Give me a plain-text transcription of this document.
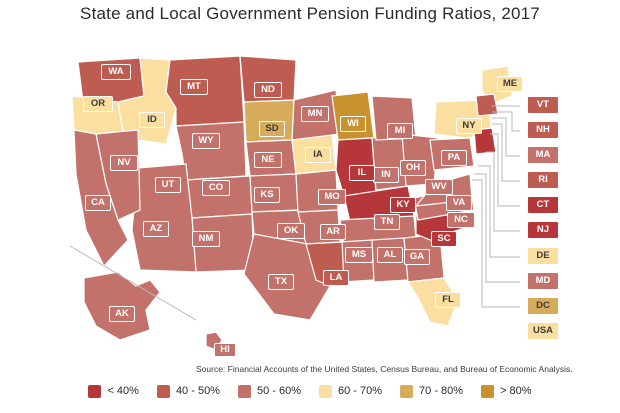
State and Local Government Pension Funding Ratios, 2017
WA
OR
ID
MT	ND
MN
WI
MI
ME
VT
NH
MA
RI
CT
NJ
DE
MD
DC
USA
NY
PA
OH
IN
IL
WV
VA
KY
NC
SC
GA
TN
AL
MS
LA
FL
AR
MO
IA
SD
NE
KS
OK
TX
NM
AZ
CO
UT
WY
NV
CA
AK
HI
Source: Financial Accounts of the United States, Census Bureau, and Bureau of Economic Analysis.
< 40%	40 - 50%	50 - 60%	60 - 70%	70 - 80%	> 80%
